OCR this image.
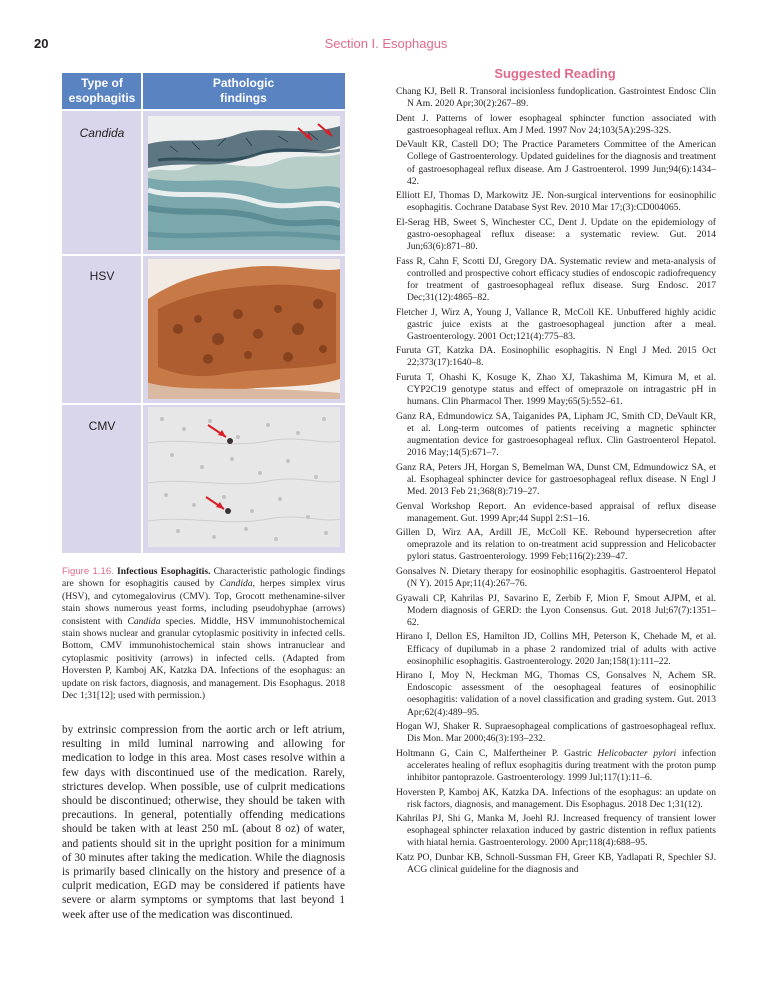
20	Section I. Esophagus
Type of
esophagitis
Pathologic
findings
Candida
HSV
CMV
Figure 1.16. Infectious Esophagitis. Characteristic pathologic findings are shown for esophagitis caused by Candida, herpes simplex virus (HSV), and cytomegalovirus (CMV). Top, Grocott methenamine-silver stain shows numerous yeast forms, including pseudohyphae (arrows) consistent with Candida species. Middle, HSV immunohistochemical stain shows nuclear and granular cytoplasmic positivity in infected cells. Bottom, CMV immunohistochemical stain shows intranuclear and cytoplasmic positivity (arrows) in infected cells. (Adapted from Hoversten P, Kamboj AK, Katzka DA. Infections of the esophagus: an update on risk factors, diagnosis, and management. Dis Esophagus. 2018 Dec 1;31[12]; used with permission.)
by extrinsic compression from the aortic arch or left atrium, resulting in mild luminal narrowing and allowing for medication to lodge in this area. Most cases resolve within a few days with discontinued use of the medication. Rarely, strictures develop. When possible, use of culprit medications should be discontinued; otherwise, they should be taken with precautions. In general, potentially offending medications should be taken with at least 250 mL (about 8 oz) of water, and patients should sit in the upright position for a minimum of 30 minutes after taking the medication. While the diagnosis is primarily based clinically on the history and presence of a culprit medication, EGD may be considered if patients have severe or alarm symptoms or symptoms that last beyond 1 week after use of the medication was discontinued.
Suggested Reading
Chang KJ, Bell R. Transoral incisionless fundoplication. Gastrointest Endosc Clin N Am. 2020 Apr;30(2):267–89.
Dent J. Patterns of lower esophageal sphincter function associated with gastroesophageal reflux. Am J Med. 1997 Nov 24;103(5A):29S-32S.
DeVault KR, Castell DO; The Practice Parameters Committee of the American College of Gastroenterology. Updated guidelines for the diagnosis and treatment of gastroesophageal reflux disease. Am J Gastroenterol. 1999 Jun;94(6):1434–42.
Elliott EJ, Thomas D, Markowitz JE. Non-surgical interventions for eosinophilic esophagitis. Cochrane Database Syst Rev. 2010 Mar 17;(3):CD004065.
El-Serag HB, Sweet S, Winchester CC, Dent J. Update on the epidemiology of gastro-oesophageal reflux disease: a systematic review. Gut. 2014 Jun;63(6):871–80.
Fass R, Cahn F, Scotti DJ, Gregory DA. Systematic review and meta-analysis of controlled and prospective cohort efficacy studies of endoscopic radiofrequency for treatment of gastroesophageal reflux disease. Surg Endosc. 2017 Dec;31(12):4865–82.
Fletcher J, Wirz A, Young J, Vallance R, McColl KE. Unbuffered highly acidic gastric juice exists at the gastroesophageal junction after a meal. Gastroenterology. 2001 Oct;121(4):775–83.
Furuta GT, Katzka DA. Eosinophilic esophagitis. N Engl J Med. 2015 Oct 22;373(17):1640–8.
Furuta T, Ohashi K, Kosuge K, Zhao XJ, Takashima M, Kimura M, et al. CYP2C19 genotype status and effect of omeprazole on intragastric pH in humans. Clin Pharmacol Ther. 1999 May;65(5):552–61.
Ganz RA, Edmundowicz SA, Taiganides PA, Lipham JC, Smith CD, DeVault KR, et al. Long-term outcomes of patients receiving a magnetic sphincter augmentation device for gastroesophageal reflux. Clin Gastroenterol Hepatol. 2016 May;14(5):671–7.
Ganz RA, Peters JH, Horgan S, Bemelman WA, Dunst CM, Edmundowicz SA, et al. Esophageal sphincter device for gastroesophageal reflux disease. N Engl J Med. 2013 Feb 21;368(8):719–27.
Genval Workshop Report. An evidence-based appraisal of reflux disease management. Gut. 1999 Apr;44 Suppl 2:S1–16.
Gillen D, Wirz AA, Ardill JE, McColl KE. Rebound hypersecretion after omeprazole and its relation to on-treatment acid suppression and Helicobacter pylori status. Gastroenterology. 1999 Feb;116(2):239–47.
Gonsalves N. Dietary therapy for eosinophilic esophagitis. Gastroenterol Hepatol (N Y). 2015 Apr;11(4):267–76.
Gyawali CP, Kahrilas PJ, Savarino E, Zerbib F, Mion F, Smout AJPM, et al. Modern diagnosis of GERD: the Lyon Consensus. Gut. 2018 Jul;67(7):1351–62.
Hirano I, Dellon ES, Hamilton JD, Collins MH, Peterson K, Chehade M, et al. Efficacy of dupilumab in a phase 2 randomized trial of adults with active eosinophilic esophagitis. Gastroenterology. 2020 Jan;158(1):111–22.
Hirano I, Moy N, Heckman MG, Thomas CS, Gonsalves N, Achem SR. Endoscopic assessment of the oesophageal features of eosinophilic oesophagitis: validation of a novel classification and grading system. Gut. 2013 Apr;62(4):489–95.
Hogan WJ, Shaker R. Supraesophageal complications of gastroesophageal reflux. Dis Mon. Mar 2000;46(3):193–232.
Holtmann G, Cain C, Malfertheiner P. Gastric Helicobacter pylori infection accelerates healing of reflux esophagitis during treatment with the proton pump inhibitor pantoprazole. Gastroenterology. 1999 Jul;117(1):11–6.
Hoversten P, Kamboj AK, Katzka DA. Infections of the esophagus: an update on risk factors, diagnosis, and management. Dis Esophagus. 2018 Dec 1;31(12).
Kahrilas PJ, Shi G, Manka M, Joehl RJ. Increased frequency of transient lower esophageal sphincter relaxation induced by gastric distention in reflux patients with hiatal hernia. Gastroenterology. 2000 Apr;118(4):688–95.
Katz PO, Dunbar KB, Schnoll-Sussman FH, Greer KB, Yadlapati R, Spechler SJ. ACG clinical guideline for the diagnosis and
